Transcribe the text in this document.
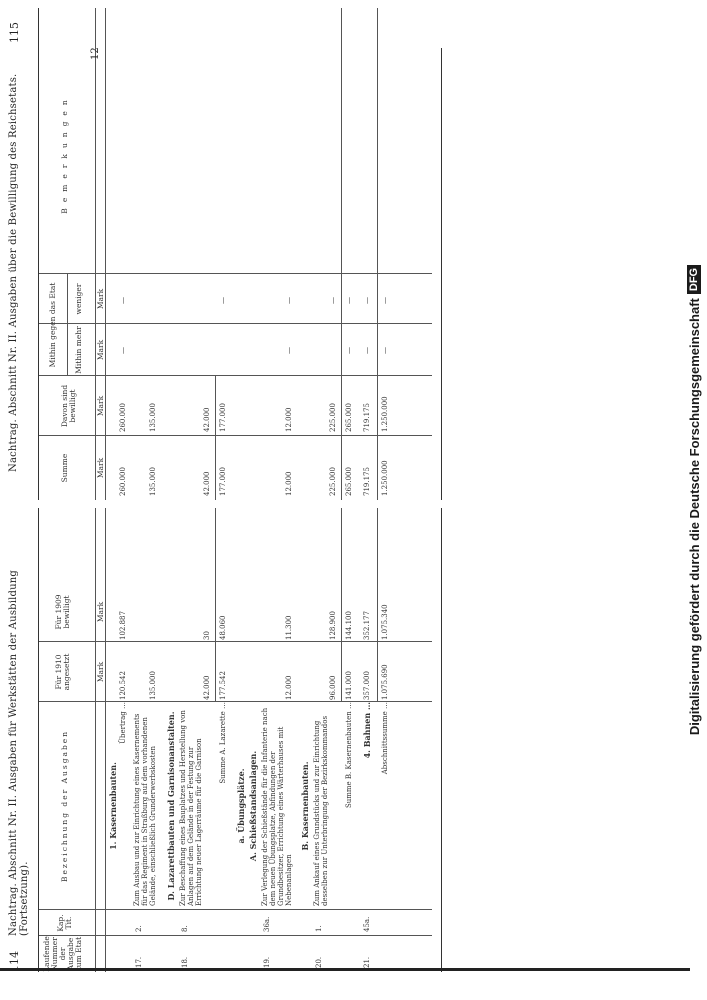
114
Nachtrag. Abschnitt Nr. II. Ausgaben für Werkstätten der Ausbildung (Fortsetzung).
Laufende Nummer der Ausgabe zum Etat
Kap. Tit.
Bezeichnung der Ausgaben
Für 1910 angesetzt
Für 1909 bewilligt
Mark
Mark
1. Kasernenbauten.
Übertrag …
120.542
102.887
17.
2.
Zum Ausbau und zur Einrichtung eines Kasernements für das Regiment in Straßburg auf dem vorhandenen Gelände, einschließlich Grunderwerbskosten
135.000
D. Lazarettbauten und Garnisonanstalten.
18.
8.
Zur Beschaffung eines Bauplatzes und Herstellung von Anlagen auf dem Gelände in der Festung zur Errichtung neuer Lagerräume für die Garnison
42.000
30
Summe A. Lazarette …
177.542
48.060
a. Übungsplätze. A. Schießstandsanlagen.
19.
36a.
Zur Verlegung der Schießstände für die Infanterie nach dem neuen Übungsplatze, Abfindungen der Grundbesitzer, Errichtung eines Wärterhauses mit Nebenanlagen
12.000
11.300
B. Kasernenbauten.
20.
1.
Zum Ankauf eines Grundstücks und zur Einrichtung desselben zur Unterbringung der Bezirkskommandos
96.000
128.900
Summe B. Kasernenbauten …
141.000
144.100
21.
45a.
4. Bahnen …
357.000
352.177
Abschnittssumme …
1.075.690
1.075.340
Nachtrag. Abschnitt Nr. II. Ausgaben über die Bewilligung des Reichsetats.
115
Mithin gegen das Etat
Summe
Davon sind bewilligt
Mithin mehr
weniger
Bemerkungen
Mark
Mark
Mark
Mark
260.000
260.000
—
—
135.000
135.000
42.000
42.000
177.000
177.000
—
12.000
12.000
—
—
225.000
225.000
—
265.000
265.000
—
—
719.175
719.175
—
—
1.250.000
1.250.000
—
—
12
Digitalisierung gefördert durch die Deutsche Forschungsgemeinschaft
DFG
